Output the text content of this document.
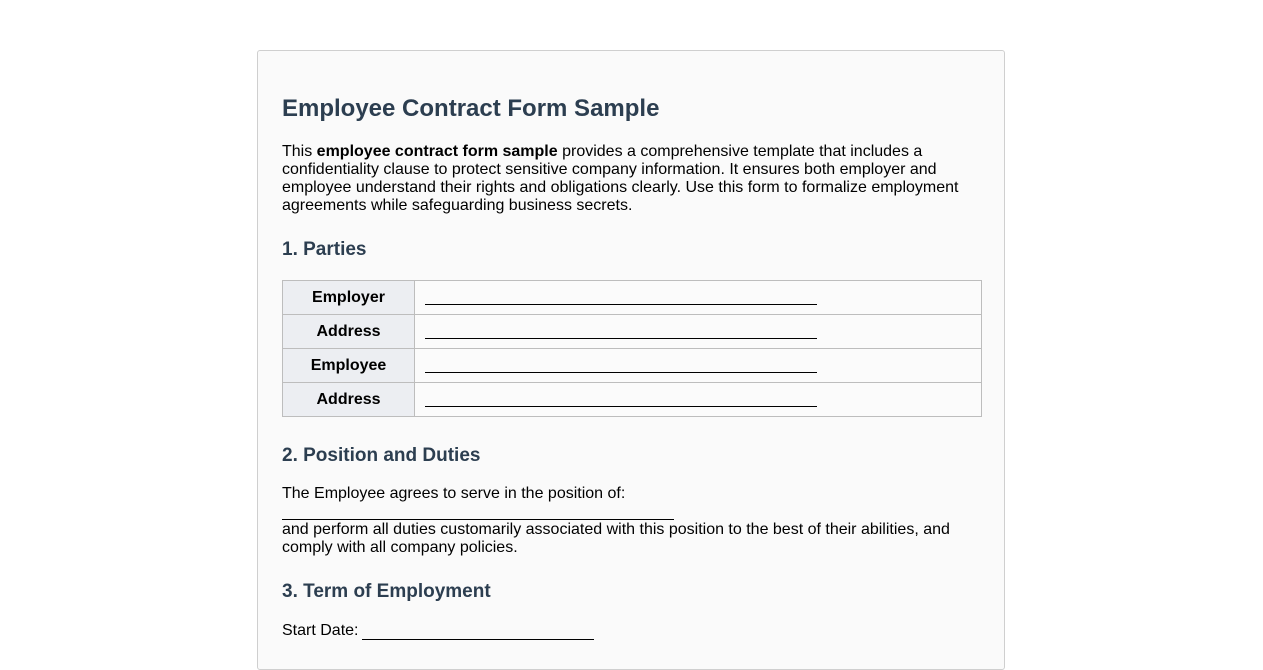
Employee Contract Form Sample

This employee contract form sample provides a comprehensive template that includes a confidentiality clause to protect sensitive company information. It ensures both employer and employee understand their rights and obligations clearly. Use this form to formalize employment agreements while safeguarding business secrets.

1. Parties
Employer	
Address	
Employee	
Address	
2. Position and Duties

The Employee agrees to serve in the position of:

and perform all duties customarily associated with this position to the best of their abilities, and comply with all company policies.

3. Term of Employment
Start Date:
